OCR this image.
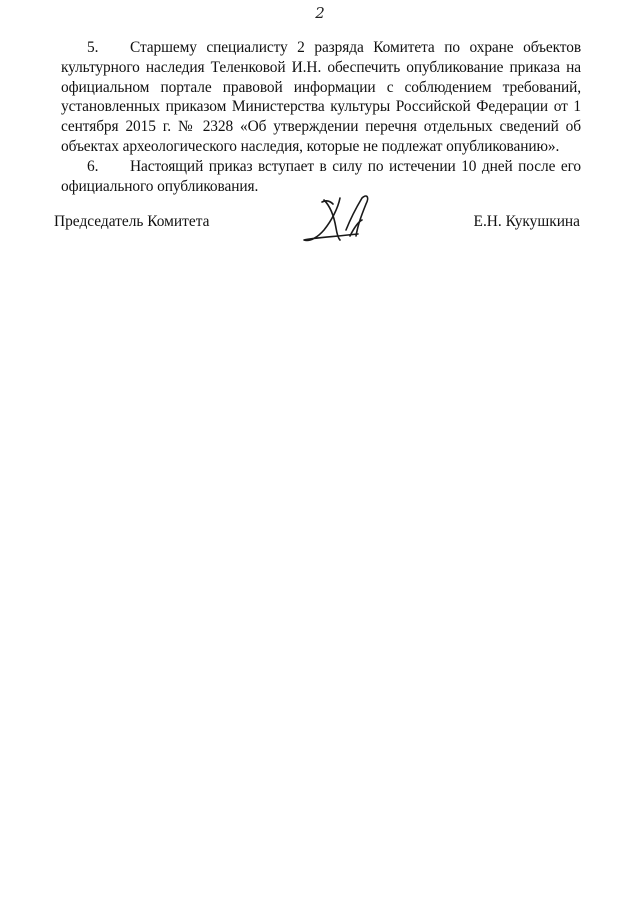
2

5. Старшему специалисту 2 разряда Комитета по охране объектов культурного наследия Теленковой И.Н. обеспечить опубликование приказа на официальном портале правовой информации с соблюдением требований, установленных приказом Министерства культуры Российской Федерации от 1 сентября 2015 г. № 2328 «Об утверждении перечня отдельных сведений об объектах археологического наследия, которые не подлежат опубликованию».

6. Настоящий приказ вступает в силу по истечении 10 дней после его официального опубликования.

Председатель Комитета	Е.Н. Кукушкина
